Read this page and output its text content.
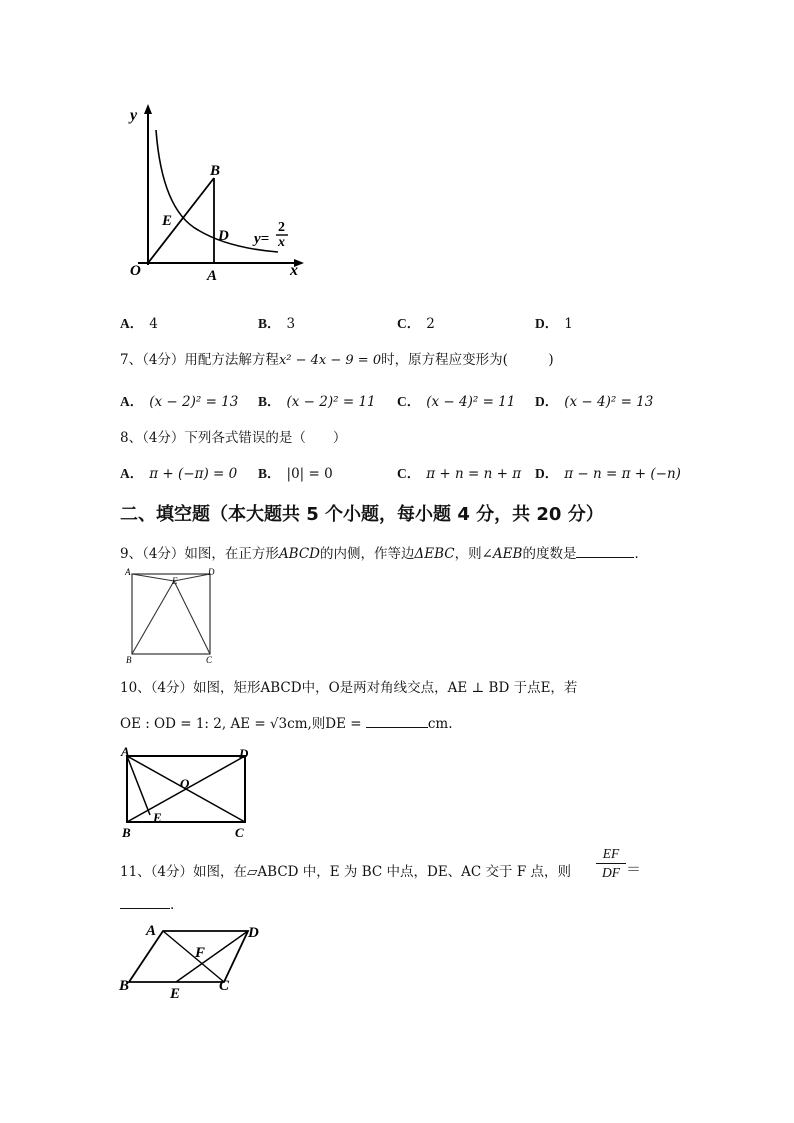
y
x
O	A
B
D
E
y=
2
x
A． 4	B． 3	C． 2	D． 1
7、（4分）用配方法解方程x² − 4x − 9 = 0时，原方程应变形为(　　　)
A． (x − 2)² = 13 B． (x − 2)² = 11 C． (x − 4)² = 11 D． (x − 4)² = 13
8、（4分）下列各式错误的是（　　）
A． π + (−π) = 0 B． |0| = 0	C． π + n = n + π D． π − n = π + (−n)
二、填空题（本大题共 5 个小题，每小题 4 分，共 20 分）
9、（4分）如图，在正方形ABCD的内侧，作等边ΔEBC，则∠AEB的度数是	．
A	D
E
B	C
10、（4分）如图，矩形ABCD中，O是两对角线交点，AE ⊥ BD 于点E，若
OE : OD = 1: 2, AE = √3cm,则DE =	cm.
A	D
O
E
B	C
11、（4分）如图，在▱ABCD 中，E 为 BC 中点，DE、AC 交于 F 点，则
EF
DF ＝
.
A	D
F
B	E	C
